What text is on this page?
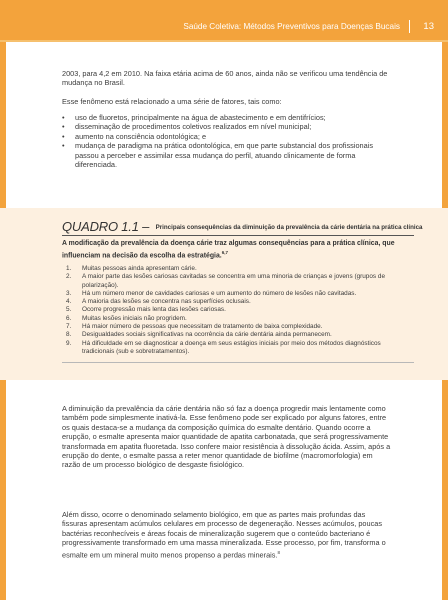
Saúde Coletiva: Métodos Preventivos para Doenças Bucais 13

2003, para 4,2 em 2010. Na faixa etária acima de 60 anos, ainda não se verificou uma tendência de mudança no Brasil.

Esse fenômeno está relacionado a uma série de fatores, tais como:

• uso de fluoretos, principalmente na água de abastecimento e em dentifrícios;
• disseminação de procedimentos coletivos realizados em nível municipal;
• aumento na consciência odontológica; e
• mudança de paradigma na prática odontológica, em que parte substancial dos profissionais passou a perceber e assimilar essa mudança do perfil, atuando clinicamente de forma diferenciada.
QUADRO 1.1 – Principais consequências da diminuição da prevalência da cárie dentária na prática clínica

A modificação da prevalência da doença cárie traz algumas consequências para a prática clínica, que influenciam na decisão da escolha da estratégia.$^{6,7}$

1. Muitas pessoas ainda apresentam cárie.
2. A maior parte das lesões cariosas cavitadas se concentra em uma minoria de crianças e jovens (grupos de polarização).
3. Há um número menor de cavidades cariosas e um aumento do número de lesões não cavitadas.
4. A maioria das lesões se concentra nas superfícies oclusais.
5. Ocorre progressão mais lenta das lesões cariosas.
6. Muitas lesões iniciais não progridem.
7. Há maior número de pessoas que necessitam de tratamento de baixa complexidade.
8. Desigualdades sociais significativas na ocorrência da cárie dentária ainda permanecem.
9. Há dificuldade em se diagnosticar a doença em seus estágios iniciais por meio dos métodos diagnósticos tradicionais (sub e sobretratamentos).

A diminuição da prevalência da cárie dentária não só faz a doença progredir mais lentamente como também pode simplesmente inativá-la. Esse fenômeno pode ser explicado por alguns fatores, entre os quais destaca-se a mudança da composição química do esmalte dentário. Quando ocorre a erupção, o esmalte apresenta maior quantidade de apatita carbonatada, que será progressivamente transformada em apatita fluoretada. Isso confere maior resistência à dissolução ácida. Assim, após a erupção do dente, o esmalte passa a reter menor quantidade de biofilme (macromorfologia) em razão de um processo biológico de desgaste fisiológico.

Além disso, ocorre o denominado selamento biológico, em que as partes mais profundas das fissuras apresentam acúmulos celulares em processo de degeneração. Nesses acúmulos, poucas bactérias reconhecíveis e áreas focais de mineralização sugerem que o conteúdo bacteriano é progressivamente transformado em uma massa mineralizada. Esse processo, por fim, transforma o esmalte em um mineral muito menos propenso a perdas minerais.$^8$
